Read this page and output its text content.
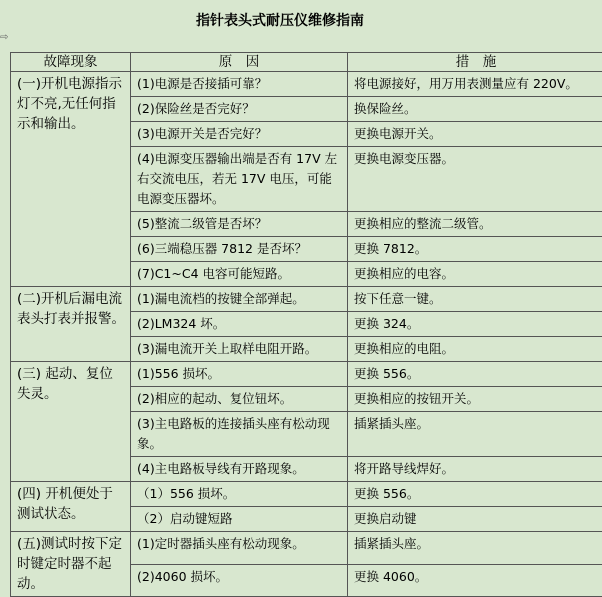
指针表头式耐压仪维修指南
⇨
故障现象	原　因	措　施
(一)开机电源指示灯不亮,无任何指示和输出。	(1)电源是否接插可靠？	将电源接好，用万用表测量应有 220V。
	(2)保险丝是否完好？	换保险丝。
	(3)电源开关是否完好？	更换电源开关。
	(4)电源变压器输出端是否有 17V 左右交流电压，若无 17V 电压，可能电源变压器坏。	更换电源变压器。
	(5)整流二级管是否坏？	更换相应的整流二级管。
	(6)三端稳压器 7812 是否坏？	更换 7812。
	(7)C1~C4 电容可能短路。	更换相应的电容。
(二)开机后漏电流表头打表并报警。	(1)漏电流档的按键全部弹起。	按下任意一键。
	(2)LM324 坏。	更换 324。
	(3)漏电流开关上取样电阻开路。	更换相应的电阻。
(三) 起动、复位失灵。	(1)556 损坏。	更换 556。
	(2)相应的起动、复位钮坏。	更换相应的按钮开关。
	(3)主电路板的连接插头座有松动现象。	插紧插头座。
	(4)主电路板导线有开路现象。	将开路导线焊好。
(四) 开机便处于测试状态。	（1）556 损坏。	更换 556。
	（2）启动键短路	更换启动键
(五)测试时按下定时键定时器不起动。	(1)定时器插头座有松动现象。	插紧插头座。
	(2)4060 损坏。	更换 4060。
